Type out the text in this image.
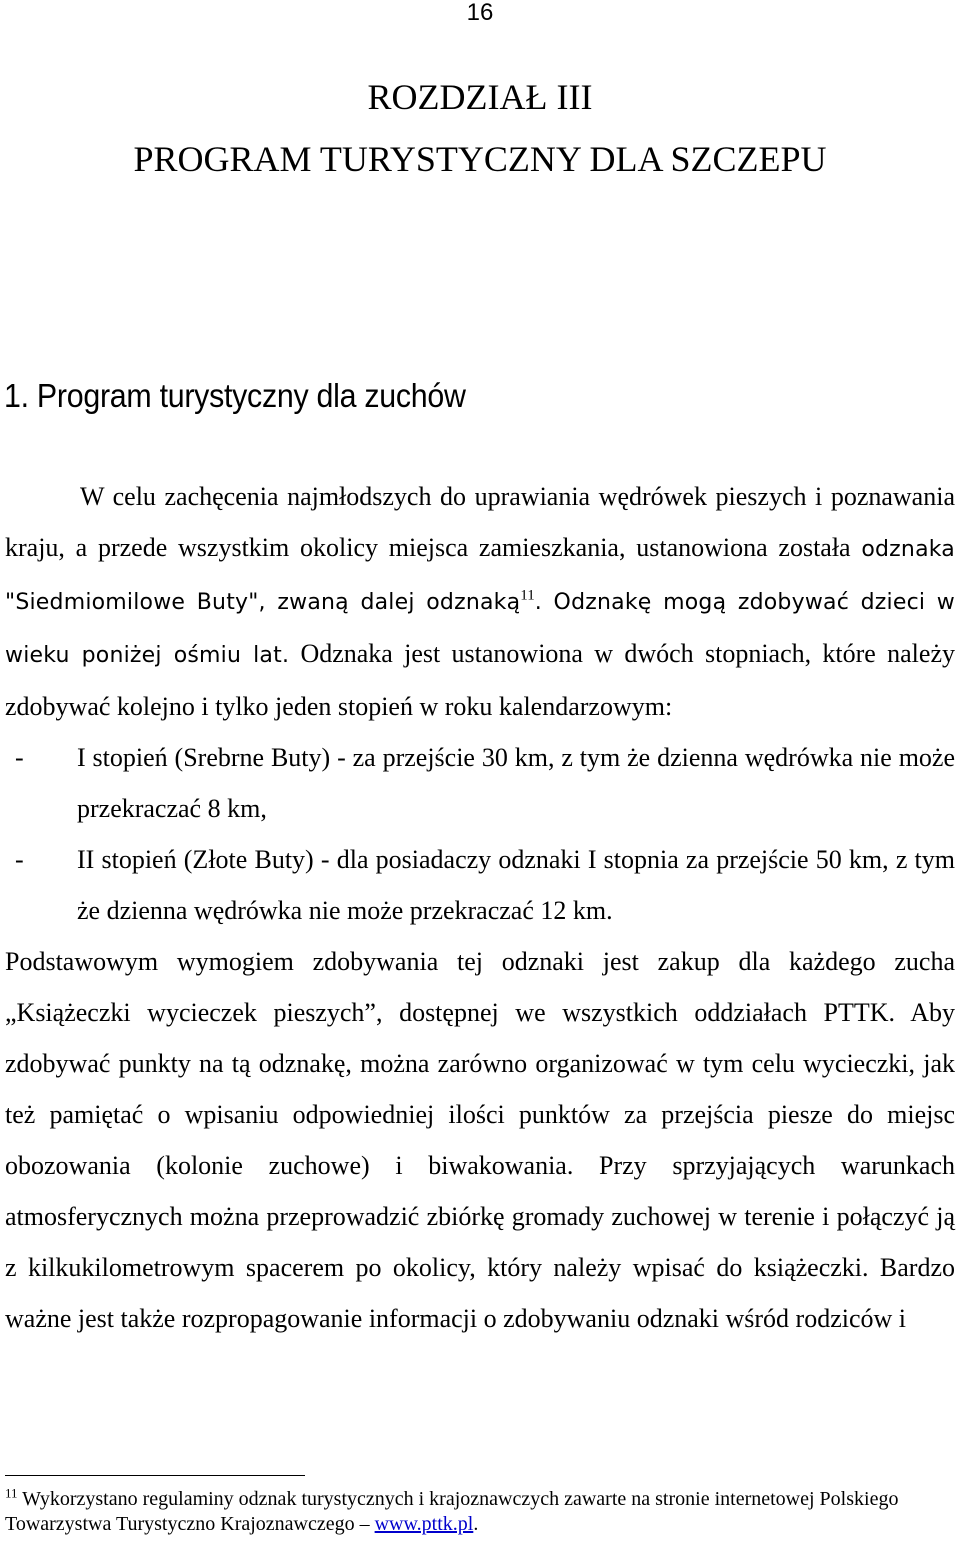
16
ROZDZIAŁ III
PROGRAM TURYSTYCZNY DLA SZCZEPU
1. Program turystyczny dla zuchów

W celu zachęcenia najmłodszych do uprawiania wędrówek pieszych i poznawania kraju, a przede wszystkim okolicy miejsca zamieszkania, ustanowiona została odznaka "Siedmiomilowe Buty", zwaną dalej odznaką$^{11}$. Odznakę mogą zdobywać dzieci w wieku poniżej ośmiu lat. Odznaka jest ustanowiona w dwóch stopniach, które należy zdobywać kolejno i tylko jeden stopień w roku kalendarzowym:

- I stopień (Srebrne Buty) - za przejście 30 km, z tym że dzienna wędrówka nie może przekraczać 8 km,

- II stopień (Złote Buty) - dla posiadaczy odznaki I stopnia za przejście 50 km, z tym że dzienna wędrówka nie może przekraczać 12 km.

Podstawowym wymogiem zdobywania tej odznaki jest zakup dla każdego zucha „Książeczki wycieczek pieszych”, dostępnej we wszystkich oddziałach PTTK. Aby zdobywać punkty na tą odznakę, można zarówno organizować w tym celu wycieczki, jak też pamiętać o wpisaniu odpowiedniej ilości punktów za przejścia piesze do miejsc obozowania (kolonie zuchowe) i biwakowania. Przy sprzyjających warunkach atmosferycznych można przeprowadzić zbiórkę gromady zuchowej w terenie i połączyć ją z kilkukilometrowym spacerem po okolicy, który należy wpisać do książeczki. Bardzo ważne jest także rozpropagowanie informacji o zdobywaniu odznaki wśród rodziców i

$^{11}$ Wykorzystano regulaminy odznak turystycznych i krajoznawczych zawarte na stronie internetowej Polskiego Towarzystwa Turystyczno Krajoznawczego – www.pttk.pl.
